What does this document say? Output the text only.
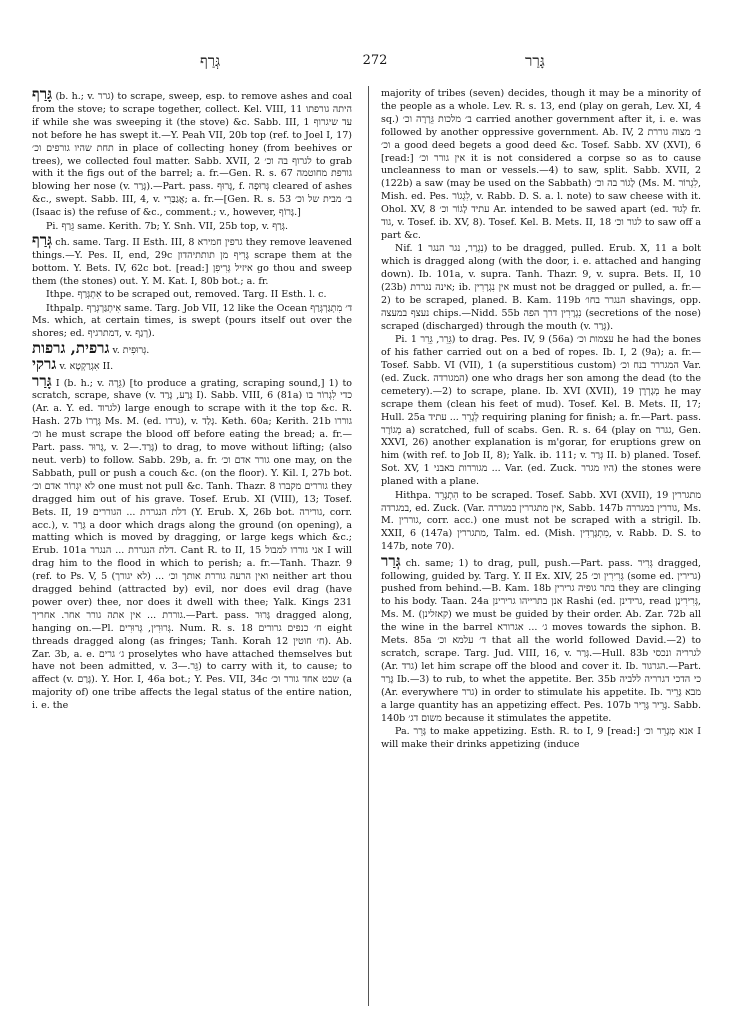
גְּרַף	272	גָּרַר

גָּרַף (b. h.; v. גרר) to scrape, sweep, esp. to remove ashes and coal from the stove; to scrape together, collect. Kel. VIII, 11 היתה גורפתו if while she was sweeping it (the stove) &c. Sabb. III, 1 עד שיגרוף not before he has swept it.—Y. Peah VII, 20b top (ref. to Joel I, 17) תחת שהיו גורפים וכ׳ in place of collecting honey (from beehives or trees), we collected foul matter. Sabb. XVII, 2 לגרוף בה וכ׳ to grab with it the figs out of the barrel; a. fr.—Gen. R. s. 67 גורפת מחוטמה blowing her nose (v. גָּרַר).—Part. pass. גָּרוּף, f. גְּרוּפָה cleared of ashes &c., swept. Sabb. III, 4, v. אֲגַבַּרִי; a. fr.—[Gen. R. s. 53 ב׳ מבית של וכ׳ (Isaac is) the refuse of &c., comment.; v., however, גָּרוֹף.]

Pi. גֵּרַף same. Kerith. 7b; Y. Snh. VII, 25b top, v. גְּרַף.

גְּרַף ch. same. Targ. II Esth. III, 8 גרפין חמירא they remove leavened things.—Y. Pes. II, end, 29c גָּרִיף מן תותתיהדון scrape them at the bottom. Y. Bets. IV, 62c bot. [read:] איזיל גְּרִיפִן go thou and sweep them (the stones) out. Y. M. Kat. I, 80b bot.; a. fr.

Ithpe. אִתְגְּרַף to be scraped out, removed. Targ. II Esth. l. c.

Ithpalp. אִיתְגַּרְגְּרַף same. Targ. Job VII, 12 like the Ocean ד׳ מִתְגַּרְגְּרַף Ms. which, at certain times, is swept (pours itself out over the shores; ed. דמתרגיף, v. רְגַף).

גרפית, גרפות v. גְּרוּפִית.

גרקי v. אִגְרַקְטָא II.

גָּרַר I (b. h.; v. גֵּרָה) [to produce a grating, scraping sound,] 1) to scratch, scrape, shave (v. גָּרַע, גָּרַד I). Sabb. VIII, 6 (81a) כדי לִגְרוֹר בו (Ar. a. Y. ed. לגרוד) large enough to scrape with it the top &c. R. Hash. 27b גְּרָרוֹ Ms. M. (ed. גרדו), v. גָּלַד. Keth. 60a; Kerith. 21b גוררו וכ׳ he must scrape the blood off before eating the bread; a. fr.—Part. pass. גָּרוּר, v. גָּרַד.—2) to drag, to move without lifting; (also neut. verb) to follow. Sabb. 29b, a. fr. גורר אדם וכ׳ one may, on the Sabbath, pull or push a couch &c. (on the floor). Y. Kil. I, 27b bot. לא יִגְרוֹר אדם וכ׳ one must not pull &c. Tanh. Thazr. 8 גוררים מקברו they dragged him out of his grave. Tosef. Erub. XI (VIII), 13; Tosef. Bets. II, 19 דלת הנגררת ... הגוררים (Y. Erub. X, 26b bot. גורירה, corr. acc.), v. גְּרַר a door which drags along the ground (on opening), a matting which is moved by dragging, or large kegs which &c.; Erub. 101a דלת הנגררת ... הנגרר. Cant R. to II, 15 אני גוררו למבול I will drag him to the flood in which to perish; a. fr.—Tanh. Thazr. 9 (ref. to Ps. V, 5 (לא יגורך) ... ואין הרעה גוררת אותך וכ׳ neither art thou dragged behind (attracted by) evil, nor does evil drag (have power over) thee, nor does it dwell with thee; Yalk. Kings 231 גוררת ... אין אתה גורר אחר. אחריך.—Part. pass. גָּרוּר dragged along, hanging on.—Pl. גְּרוּרִין, גְּרוּרִים. Num. R. s. 18 ח׳ כנפים גרורים eight threads dragged along (as fringes; Tanh. Korah 12 ח׳ חוטין). Ab. Zar. 3b, a. e. ג׳ גרים proselytes who have attached themselves but have not been admitted, v. גֵּר.—3) to carry with it, to cause; to affect (v. גָּרַם). Y. Hor. I, 46a bot.; Y. Pes. VII, 34c שבט אחד גורר וכ׳ (a majority of) one tribe affects the legal status of the entire nation, i. e. the

majority of tribes (seven) decides, though it may be a minority of the people as a whole. Lev. R. s. 13, end (play on gerah, Lev. XI, 4 sq.) ב׳ מלכות גֵּרָרָה וכ׳ carried another government after it, i. e. was followed by another oppressive government. Ab. IV, 2 ב׳ מצוה גוררת וכ׳ a good deed begets a good deed &c. Tosef. Sabb. XV (XVI), 6 [read:] אין גורר וכ׳ it is not considered a corpse so as to cause uncleanness to man or vessels.—4) to saw, split. Sabb. XVII, 2 (122b) a saw (may be used on the Sabbath) לָגוֹר בה וכ׳ (Ms. M. לִגְרוֹר, Mish. ed. Pes. לִגְגוֹר, v. Rabb. D. S. a. l. note) to saw cheese with it. Ohol. XV, 8 עתיד לָגוֹר וכ׳ Ar. intended to be sawed apart (ed. לְגוּד fr. גוד, v. Tosef. ib. XV, 8). Tosef. Kel. B. Mets. II, 18 לגור וכ׳ to saw off a part &c.

Nif. נִגְרַר, נגר הנגר 1) to be dragged, pulled. Erub. X, 11 a bolt which is dragged along (with the door, i. e. attached and hanging down). Ib. 101a, v. supra. Tanh. Thazr. 9, v. supra. Bets. II, 10 (23b) אינה נגררת; ib. אין נִגְרָרִין must not be dragged or pulled, a. fr.—2) to be scraped, planed. B. Kam. 119b הנגרר בחו׳ shavings, opp. נעצף במעצה chips.—Nidd. 55b נִגְרָרִין דרך הפה (secretions of the nose) scraped (discharged) through the mouth (v. גְּרַר).

Pi. גֵּרֵר, גֵּרֵר 1) to drag. Pes. IV, 9 (56a) עצמות וכ׳ he had the bones of his father carried out on a bed of ropes. Ib. I, 2 (9a); a. fr.—Tosef. Sabb. VI (VII), 1 (a superstitious custom) המגררר בנח וכ׳ Var. (ed. Zuck. המגורדה) one who drags her son among the dead (to the cemetery).—2) to scrape, plane. Ib. XVI (XVII), 19 מְגָרְרָן he may scrape them (clean his feet of mud). Tosef. Kel. B. Mets. II, 17; Hull. 25a לְגָרֵר ... עתיד requiring planing for finish; a. fr.—Part. pass. מְגוֹרָר a) scratched, full of scabs. Gen. R. s. 64 (play on גגרר, Gen. XXVI, 26) another explanation is m'gorar, for eruptions grew on him (with ref. to Job II, 8); Yalk. ib. 111; v. גְּרַר II. b) planed. Tosef. Sot. XV, 1 מגוררות באבני ... Var. (ed. Zuck. היו מגרר) the stones were planed with a plane.

Hithpa. הִתְגָּרֵר to be scraped. Tosef. Sabb. XVI (XVII), 19 מתגררין במגרדה, ed. Zuck. (Var. אין מתגררין במגררה, Sabb. 147b גוררין במגררה, Ms. M. גוררין, corr. acc.) one must not be scraped with a strigil. Ib. XXII, 6 (147a) מתגררין, Talm. ed. (Mish. מִתְגָּרְדִין, v. Rabb. D. S. to 147b, note 70).

גְּרַר ch. same; 1) to drag, pull, push.—Part. pass. גְּרִיר dragged, following, guided by. Targ. Y. II Ex. XIV, 25 גְּרִירִין וכ׳ (some ed. גרירין) pushed from behind.—B. Kam. 18b בתר גופיה גרירין they are clinging to his body. Taan. 24a אנן בתרייהו גרירינן Rashi (ed. גרידינן, read גְּרִירִינַן, Ms. M. (קאזלינן) we must be guided by their order. Ab. Zar. 72b all the wine in the barrel ג׳ ... אגרורא moves towards the siphon. B. Mets. 85a ד׳ עלמא וכ׳ that all the world followed David.—2) to scratch, scrape. Targ. Jud. VIII, 16, v. גְּרַר.—Hull. 83b לגרריה ונכסי (Ar. גרד) let him scrape off the blood and cover it. Ib. הגרגור.—Part. גָּרַר Ib.—3) to rub, to whet the appetite. Ber. 35b כי הדכי דגרריה ללביה (Ar. everywhere גרר) in order to stimulate his appetite. Ib. מבא גָּרֵיר a large quantity has an appetizing effect. Pes. 107b גָּרֵיר גָּרֵיר. Sabb. 140b משום דג׳ because it stimulates the appetite.

Pa. גָּרֵר to make appetizing. Esth. R. to I, 9 [read:] אנא מְגָרֵר וכ׳ I will make their drinks appetizing (induce
